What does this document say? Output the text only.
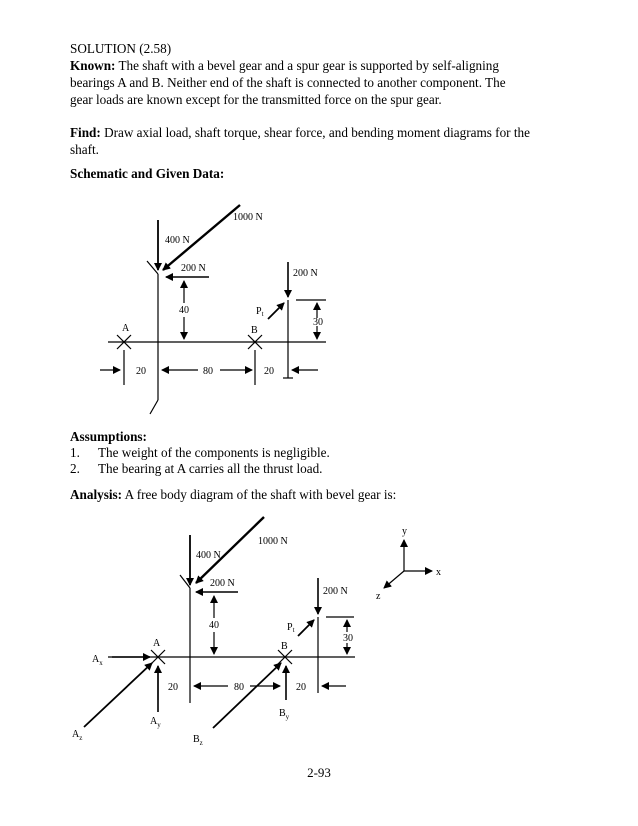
SOLUTION (2.58)
Known: The shaft with a bevel gear and a spur gear is supported by self-aligning
bearings A and B. Neither end of the shaft is connected to another component. The
gear loads are known except for the transmitted force on the spur gear.
Find: Draw axial load, shaft torque, shear force, and bending moment diagrams for the
shaft.
Schematic and Given Data:
1000 N
400 N
200 N	200 N
40	$P_t$
30
A	B
20	80	20
Assumptions:
1. The weight of the components is negligible.
2. The bearing at A carries all the thrust load.
Analysis: A free body diagram of the shaft with bevel gear is:
1000 N
400 N
200 N
200 N
40	$P_t$
30
A	B
$A_x$
$A_y$
$A_z$
$B_y$
$B_z$
20	80	20
y
x
z
2-93
